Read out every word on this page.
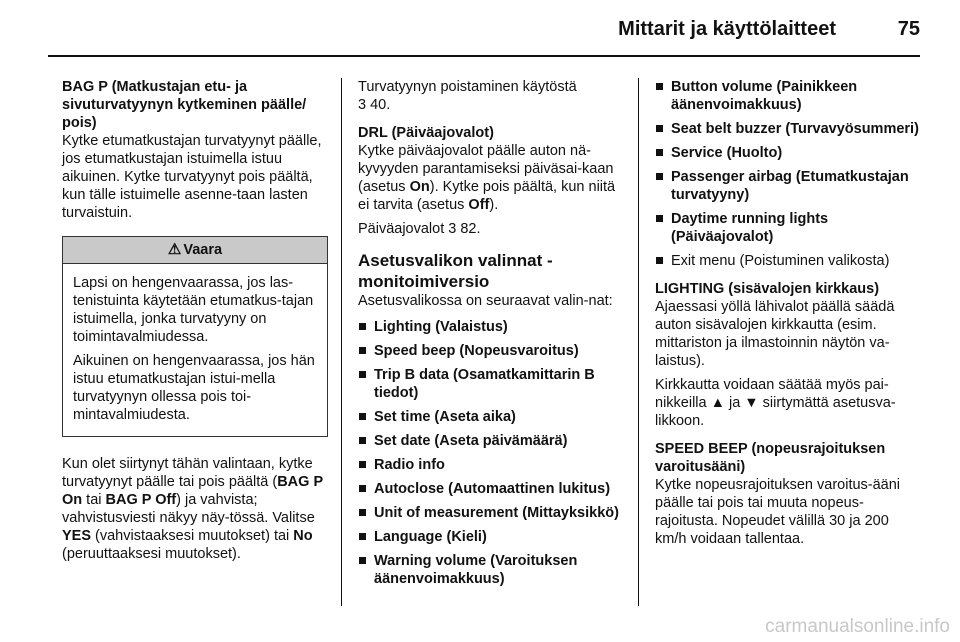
Mittarit ja käyttölaitteet	75
BAG P (Matkustajan etu- ja sivuturvatyynyn kytkeminen päälle/ pois)

Kytke etumatkustajan turvatyynyt päälle, jos etumatkustajan istuimella istuu aikuinen. Kytke turvatyynyt pois päältä, kun tälle istuimelle asenne-taan lasten turvaistuin.

⚠ Vaara

Lapsi on hengenvaarassa, jos las-tenistuinta käytetään etumatkus-tajan istuimella, jonka turvatyyny on toimintavalmiudessa.

Aikuinen on hengenvaarassa, jos hän istuu etumatkustajan istui-mella turvatyynyn ollessa pois toi-mintavalmiudesta.

Kun olet siirtynyt tähän valintaan, kytke turvatyynyt päälle tai pois päältä (BAG P On tai BAG P Off) ja vahvista; vahvistusviesti näkyy näy-tössä. Valitse YES (vahvistaaksesi muutokset) tai No (peruuttaaksesi muutokset).

Turvatyynyn poistaminen käytöstä
3 40.

DRL (Päiväajovalot)

Kytke päiväajovalot päälle auton nä-kyvyyden parantamiseksi päiväsai-kaan (asetus On). Kytke pois päältä, kun niitä ei tarvita (asetus Off).

Päiväajovalot 3 82.

Asetusvalikon valinnat - monitoimiversio

Asetusvalikossa on seuraavat valin-nat:

Lighting (Valaistus)
Speed beep (Nopeusvaroitus)
Trip B data (Osamatkamittarin B tiedot)
Set time (Aseta aika)
Set date (Aseta päivämäärä)
Radio info
Autoclose (Automaattinen lukitus)
Unit of measurement (Mittayksikkö)
Language (Kieli)
Warning volume (Varoituksen äänenvoimakkuus)
Button volume (Painikkeen äänenvoimakkuus)
Seat belt buzzer (Turvavyösummeri)
Service (Huolto)
Passenger airbag (Etumatkustajan turvatyyny)
Daytime running lights (Päiväajovalot)
Exit menu (Poistuminen valikosta)
LIGHTING (sisävalojen kirkkaus)

Ajaessasi yöllä lähivalot päällä säädä auton sisävalojen kirkkautta (esim. mittariston ja ilmastoinnin näytön va-laistus).

Kirkkautta voidaan säätää myös pai-nikkeilla ▲ ja ▼ siirtymättä asetusva-likkoon.

SPEED BEEP (nopeusrajoituksen varoitusääni)

Kytke nopeusrajoituksen varoitus-ääni päälle tai pois tai muuta nopeus-rajoitusta. Nopeudet välillä 30 ja 200 km/h voidaan tallentaa.

carmanualsonline.info
